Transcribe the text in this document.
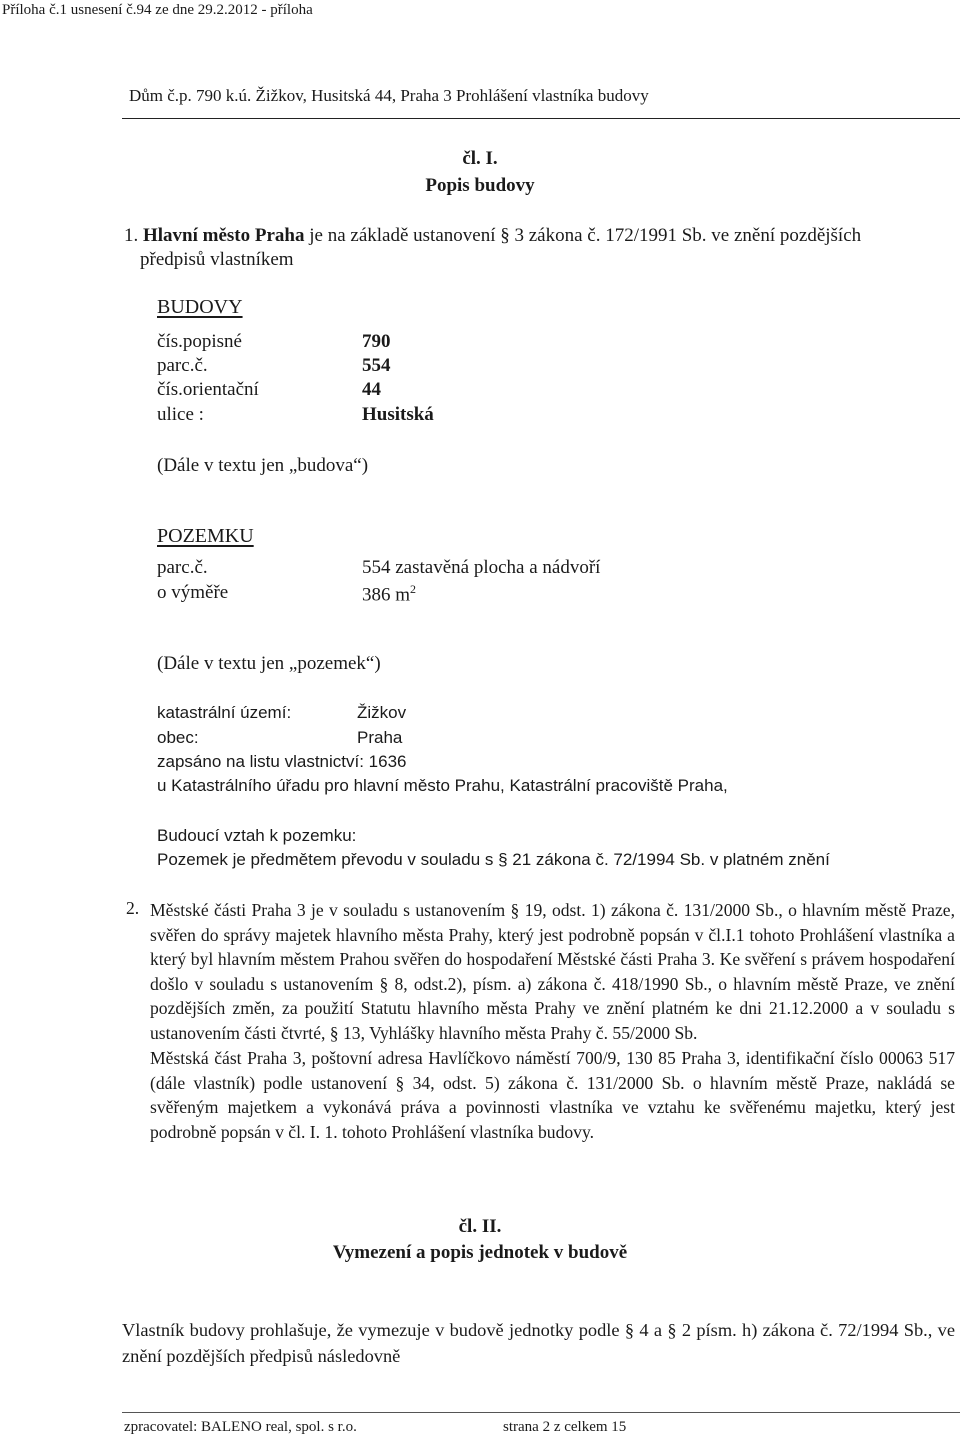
Příloha č.1 usnesení č.94 ze dne 29.2.2012 - příloha
Dům č.p. 790 k.ú. Žižkov, Husitská 44, Praha 3 Prohlášení vlastníka budovy
čl. I.
Popis budovy
1. Hlavní město Praha je na základě ustanovení § 3 zákona č. 172/1991 Sb. ve znění pozdějších
předpisů vlastníkem
BUDOVY
čís.popisné	790
parc.č.	554
čís.orientační	44
ulice :	Husitská
(Dále v textu jen „budova“)
POZEMKU
parc.č.	554 zastavěná plocha a nádvoří
o výměře	386 $m^2$
(Dále v textu jen „pozemek“)
katastrální území:	Žižkov
obec:	Praha
zapsáno na listu vlastnictví: 1636
u Katastrálního úřadu pro hlavní město Prahu, Katastrální pracoviště Praha,
Budoucí vztah k pozemku:
Pozemek je předmětem převodu v souladu s § 21 zákona č. 72/1994 Sb. v platném znění
2. Městské části Praha 3 je v souladu s ustanovením § 19, odst. 1) zákona č. 131/2000 Sb., o hlavním městě Praze, svěřen do správy majetek hlavního města Prahy, který jest podrobně popsán v čl.I.1 tohoto Prohlášení vlastníka a který byl hlavním městem Prahou svěřen do hospodaření Městské části Praha 3. Ke svěření s právem hospodaření došlo v souladu s ustanovením § 8, odst.2), písm. a) zákona č. 418/1990 Sb., o hlavním městě Praze, ve znění pozdějších změn, za použití Statutu hlavního města Prahy ve znění platném ke dni 21.12.2000 a v souladu s ustanovením části čtvrté, § 13, Vyhlášky hlavního města Prahy č. 55/2000 Sb.
Městská část Praha 3, poštovní adresa Havlíčkovo náměstí 700/9, 130 85 Praha 3, identifikační číslo 00063 517 (dále vlastník) podle ustanovení § 34, odst. 5) zákona č. 131/2000 Sb. o hlavním městě Praze, nakládá se svěřeným majetkem a vykonává práva a povinnosti vlastníka ve vztahu ke svěřenému majetku, který jest podrobně popsán v čl. I. 1. tohoto Prohlášení vlastníka budovy.
čl. II.
Vymezení a popis jednotek v budově
Vlastník budovy prohlašuje, že vymezuje v budově jednotky podle § 4 a § 2 písm. h) zákona č. 72/1994 Sb., ve znění pozdějších předpisů následovně
zpracovatel: BALENO real, spol. s r.o.	strana 2 z celkem 15
